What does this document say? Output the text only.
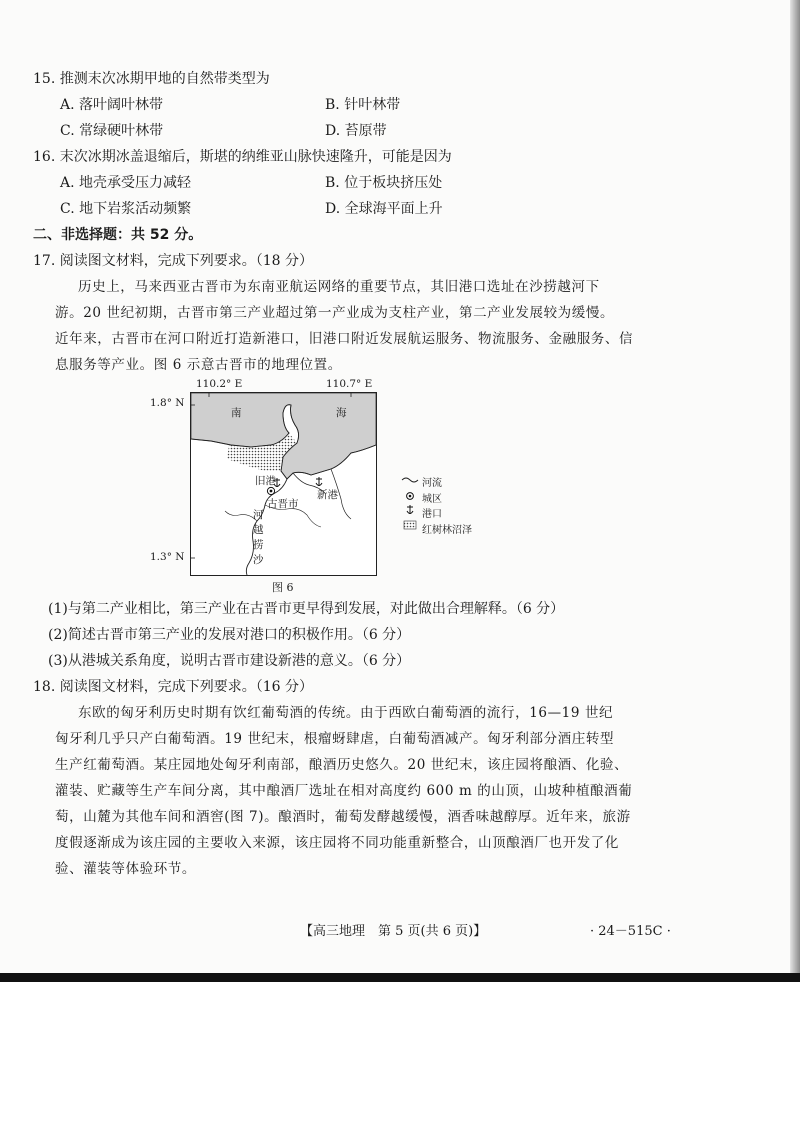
15. 推测末次冰期甲地的自然带类型为
A. 落叶阔叶林带	B. 针叶林带
C. 常绿硬叶林带	D. 苔原带
16. 末次冰期冰盖退缩后，斯堪的纳维亚山脉快速隆升，可能是因为
A. 地壳承受压力减轻	B. 位于板块挤压处
C. 地下岩浆活动频繁	D. 全球海平面上升
二、非选择题：共 52 分。
17. 阅读图文材料，完成下列要求。（18 分）
历史上，马来西亚古晋市为东南亚航运网络的重要节点，其旧港口选址在沙捞越河下
游。20 世纪初期，古晋市第三产业超过第一产业成为支柱产业，第二产业发展较为缓慢。
近年来，古晋市在河口附近打造新港口，旧港口附近发展航运服务、物流服务、金融服务、信
息服务等产业。图 6 示意古晋市的地理位置。
110.2° E	110.7° E
1.8° N
1.3° N
南	海
旧港
新港
古晋市
河
越
捞
沙
河流
城区
港口
红树林沼泽
图 6
(1)与第二产业相比，第三产业在古晋市更早得到发展，对此做出合理解释。（6 分）
(2)简述古晋市第三产业的发展对港口的积极作用。（6 分）
(3)从港城关系角度，说明古晋市建设新港的意义。（6 分）
18. 阅读图文材料，完成下列要求。（16 分）
东欧的匈牙利历史时期有饮红葡萄酒的传统。由于西欧白葡萄酒的流行，16—19 世纪
匈牙利几乎只产白葡萄酒。19 世纪末，根瘤蚜肆虐，白葡萄酒减产。匈牙利部分酒庄转型
生产红葡萄酒。某庄园地处匈牙利南部，酿酒历史悠久。20 世纪末，该庄园将酿酒、化验、
灌装、贮藏等生产车间分离，其中酿酒厂选址在相对高度约 600 m 的山顶，山坡种植酿酒葡
萄，山麓为其他车间和酒窖(图 7)。酿酒时，葡萄发酵越缓慢，酒香味越醇厚。近年来，旅游
度假逐渐成为该庄园的主要收入来源，该庄园将不同功能重新整合，山顶酿酒厂也开发了化
验、灌装等体验环节。
【高三地理　第 5 页(共 6 页)】	· 24－515C ·
